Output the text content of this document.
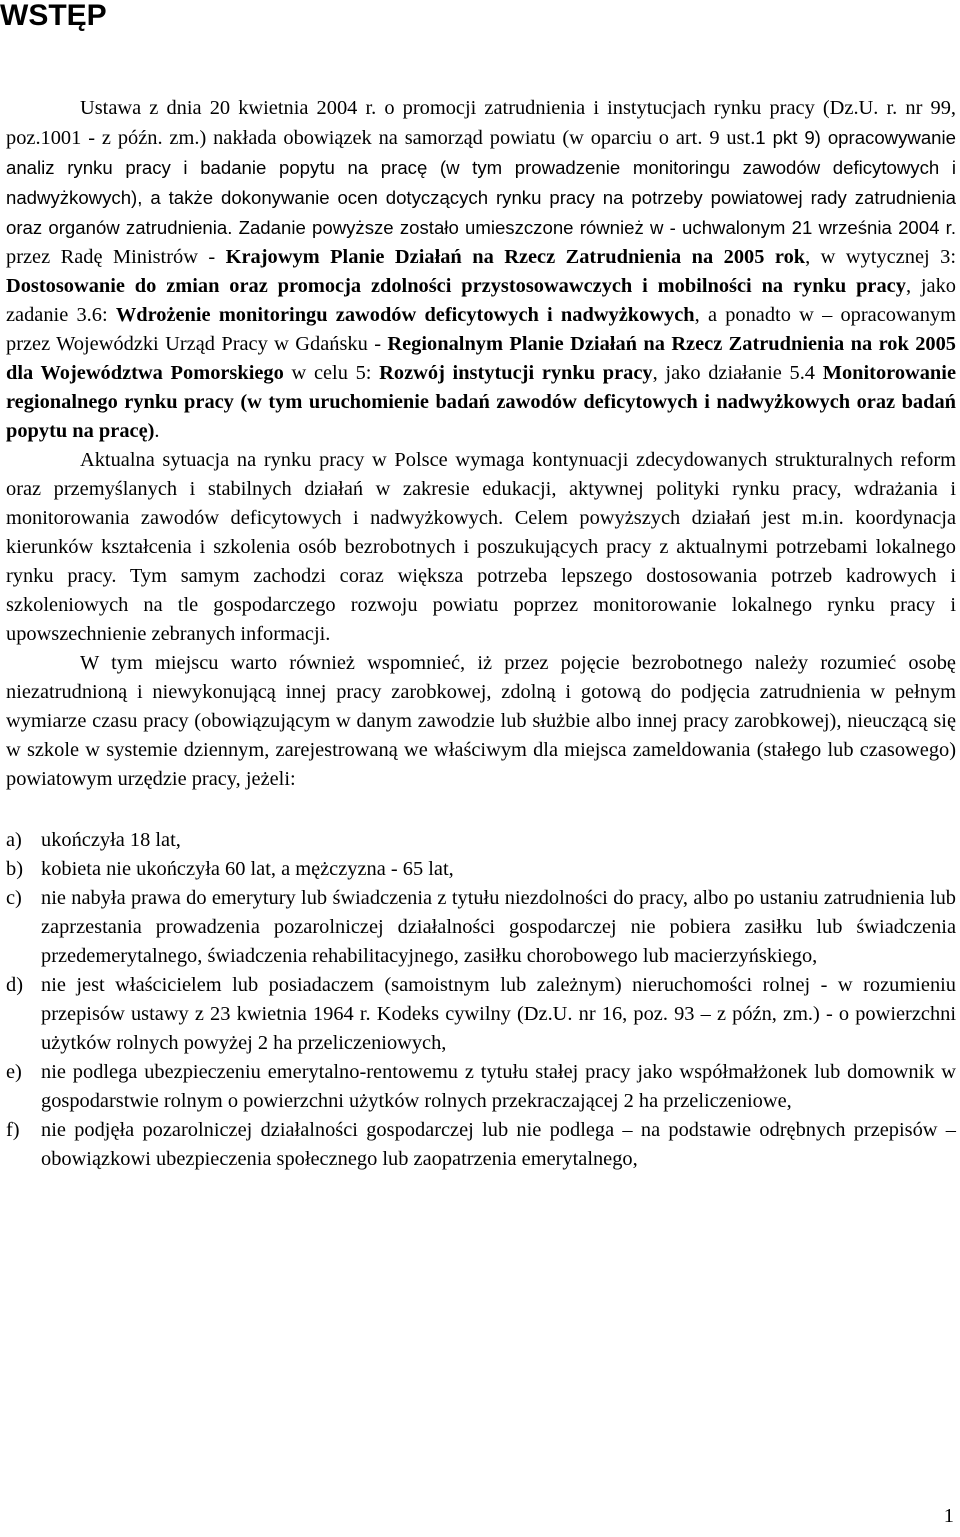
WSTĘP

Ustawa z dnia 20 kwietnia 2004 r. o promocji zatrudnienia i instytucjach rynku pracy (Dz.U. r. nr 99, poz.1001 - z późn. zm.) nakłada obowiązek na samorząd powiatu (w oparciu o art. 9 ust.1 pkt 9) opracowywanie analiz rynku pracy i badanie popytu na pracę (w tym prowadzenie monitoringu zawodów deficytowych i nadwyżkowych), a także dokonywanie ocen dotyczących rynku pracy na potrzeby powiatowej rady zatrudnienia oraz organów zatrudnienia. Zadanie powyższe zostało umieszczone również w - uchwalonym 21 września 2004 r. przez Radę Ministrów - Krajowym Planie Działań na Rzecz Zatrudnienia na 2005 rok, w wytycznej 3: Dostosowanie do zmian oraz promocja zdolności przystosowawczych i mobilności na rynku pracy, jako zadanie 3.6: Wdrożenie monitoringu zawodów deficytowych i nadwyżkowych, a ponadto w – opracowanym przez Wojewódzki Urząd Pracy w Gdańsku - Regionalnym Planie Działań na Rzecz Zatrudnienia na rok 2005 dla Województwa Pomorskiego w celu 5: Rozwój instytucji rynku pracy, jako działanie 5.4 Monitorowanie regionalnego rynku pracy (w tym uruchomienie badań zawodów deficytowych i nadwyżkowych oraz badań popytu na pracę).

Aktualna sytuacja na rynku pracy w Polsce wymaga kontynuacji zdecydowanych strukturalnych reform oraz przemyślanych i stabilnych działań w zakresie edukacji, aktywnej polityki rynku pracy, wdrażania i monitorowania zawodów deficytowych i nadwyżkowych. Celem powyższych działań jest m.in. koordynacja kierunków kształcenia i szkolenia osób bezrobotnych i poszukujących pracy z aktualnymi potrzebami lokalnego rynku pracy. Tym samym zachodzi coraz większa potrzeba lepszego dostosowania potrzeb kadrowych i szkoleniowych na tle gospodarczego rozwoju powiatu poprzez monitorowanie lokalnego rynku pracy i upowszechnienie zebranych informacji.

W tym miejscu warto również wspomnieć, iż przez pojęcie bezrobotnego należy rozumieć osobę niezatrudnioną i niewykonującą innej pracy zarobkowej, zdolną i gotową do podjęcia zatrudnienia w pełnym wymiarze czasu pracy (obowiązującym w danym zawodzie lub służbie albo innej pracy zarobkowej), nieuczącą się w szkole w systemie dziennym, zarejestrowaną we właściwym dla miejsca zameldowania (stałego lub czasowego) powiatowym urzędzie pracy, jeżeli:

a) ukończyła 18 lat,
b) kobieta nie ukończyła 60 lat, a mężczyzna - 65 lat,
c) nie nabyła prawa do emerytury lub świadczenia z tytułu niezdolności do pracy, albo po ustaniu zatrudnienia lub zaprzestania prowadzenia pozarolniczej działalności gospodarczej nie pobiera zasiłku lub świadczenia przedemerytalnego, świadczenia rehabilitacyjnego, zasiłku chorobowego lub macierzyńskiego,
d) nie jest właścicielem lub posiadaczem (samoistnym lub zależnym) nieruchomości rolnej - w rozumieniu przepisów ustawy z 23 kwietnia 1964 r. Kodeks cywilny (Dz.U. nr 16, poz. 93 – z późn, zm.) - o powierzchni użytków rolnych powyżej 2 ha przeliczeniowych,
e) nie podlega ubezpieczeniu emerytalno-rentowemu z tytułu stałej pracy jako współmałżonek lub domownik w gospodarstwie rolnym o powierzchni użytków rolnych przekraczającej 2 ha przeliczeniowe,
f) nie podjęła pozarolniczej działalności gospodarczej lub nie podlega – na podstawie odrębnych przepisów – obowiązkowi ubezpieczenia społecznego lub zaopatrzenia emerytalnego,
1
